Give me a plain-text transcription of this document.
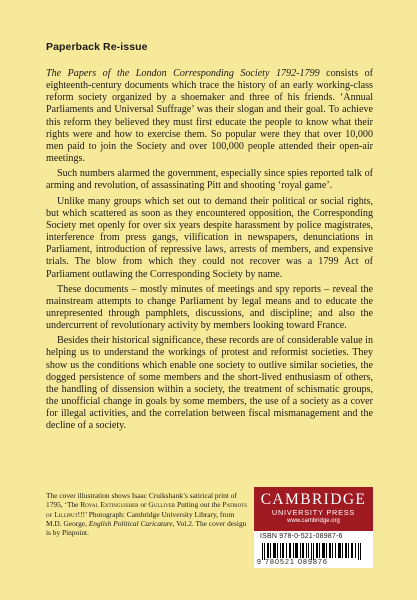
Paperback Re-issue

The Papers of the London Corresponding Society 1792-1799 consists of eighteenth-century documents which trace the history of an early working-class reform society organized by a shoemaker and three of his friends. ‘Annual Parliaments and Universal Suffrage’ was their slogan and their goal. To achieve this reform they believed they must first educate the people to know what their rights were and how to exercise them. So popular were they that over 10,000 men paid to join the Society and over 100,000 people attended their open-air meetings.

Such numbers alarmed the government, especially since spies reported talk of arming and revolution, of assassinating Pitt and shooting ‘royal game’.

Unlike many groups which set out to demand their political or social rights, but which scattered as soon as they encountered opposition, the Corresponding Society met openly for over six years despite harassment by police magistrates, interference from press gangs, vilification in newspapers, denunciations in Parliament, introduction of repressive laws, arrests of members, and expensive trials. The blow from which they could not recover was a 1799 Act of Parliament outlawing the Corresponding Society by name.

These documents – mostly minutes of meetings and spy reports – reveal the mainstream attempts to change Parliament by legal means and to educate the unrepresented through pamphlets, discussions, and discipline; and also the undercurrent of revolutionary activity by members looking toward France.

Besides their historical significance, these records are of considerable value in helping us to understand the workings of protest and reformist societies. They show us the conditions which enable one society to outlive similar societies, the dogged persistence of some members and the short-lived enthusiasm of others, the handling of dissension within a society, the treatment of schismatic groups, the unofficial change in goals by some members, the use of a society as a cover for illegal activities, and the correlation between fiscal mismanagement and the decline of a society.

The cover illustration shows Isaac Cruikshank’s satirical print of 1795, ‘The Royal Extinguisher or Gulliver Putting out the Patriots of Lilliput!!!’ Photograph: Cambridge University Library, from M.D. George, English Political Caricature, Vol.2. The cover design is by Pinpoint.
CAMBRIDGE
UNIVERSITY PRESS
www.cambridge.org
ISBN 978-0-521-08987-6
9 780521 089876
